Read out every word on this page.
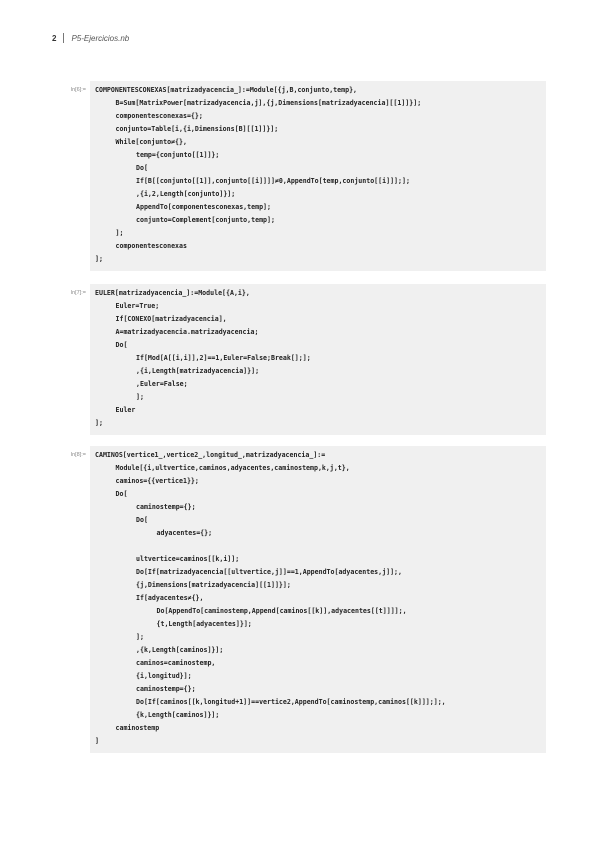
2 P5-Ejercicios.nb
In[6]:= COMPONENTESCONEXAS[matrizadyacencia_]:=Module[{j,B,conjunto,temp},
B=Sum[MatrixPower[matrizadyacencia,j],{j,Dimensions[matrizadyacencia][[1]]}];
componentesconexas={};
conjunto=Table[i,{i,Dimensions[B][[1]]}];
While[conjunto≠{},
temp={conjunto[[1]]};
Do[
If[B[[conjunto[[1]],conjunto[[i]]]]≠0,AppendTo[temp,conjunto[[i]]];];
,{i,2,Length[conjunto]}];
AppendTo[componentesconexas,temp];
conjunto=Complement[conjunto,temp];
];
componentesconexas
];
In[7]:= EULER[matrizadyacencia_]:=Module[{A,i},
Euler=True;
If[CONEXO[matrizadyacencia],
A=matrizadyacencia.matrizadyacencia;
Do[
If[Mod[A[[i,i]],2]==1,Euler=False;Break[];];
,{i,Length[matrizadyacencia]}];
,Euler=False;
];
Euler
];
In[8]:= CAMINOS[vertice1_,vertice2_,longitud_,matrizadyacencia_]:=
Module[{i,ultvertice,caminos,adyacentes,caminostemp,k,j,t},
caminos={{vertice1}};
Do[
caminostemp={};
Do[
adyacentes={};
ultvertice=caminos[[k,i]];
Do[If[matrizadyacencia[[ultvertice,j]]==1,AppendTo[adyacentes,j]];,
{j,Dimensions[matrizadyacencia][[1]]}];
If[adyacentes≠{},
Do[AppendTo[caminostemp,Append[caminos[[k]],adyacentes[[t]]]];,
{t,Length[adyacentes]}];
];
,{k,Length[caminos]}];
caminos=caminostemp,
{i,longitud}];
caminostemp={};
Do[If[caminos[[k,longitud+1]]==vertice2,AppendTo[caminostemp,caminos[[k]]];];,
{k,Length[caminos]}];
caminostemp
]
